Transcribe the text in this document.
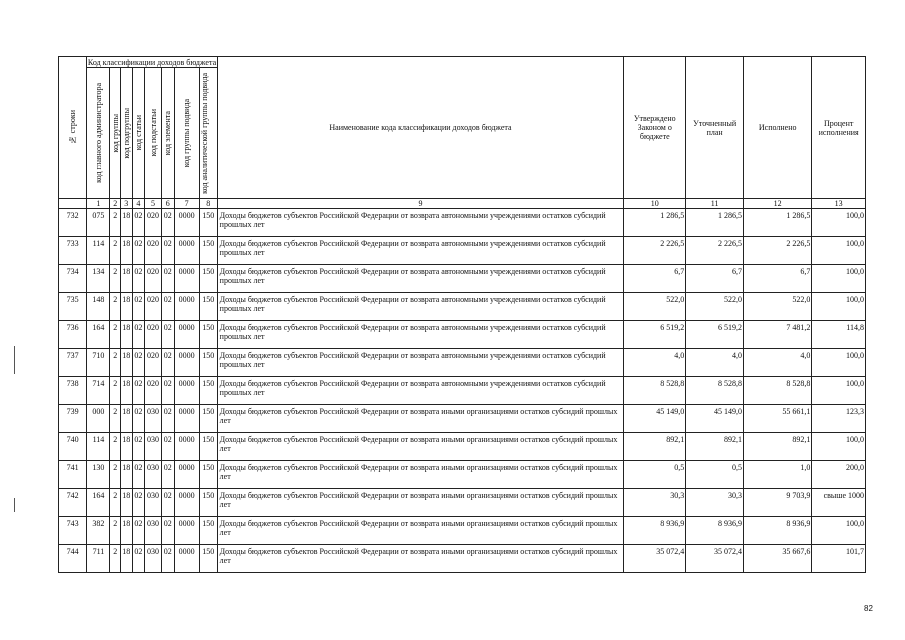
№ строки	Код классификации доходов бюджета								Наименование кода классификации доходов бюджета	Утверждено Законом о бюджете	Уточненный план	Исполнено	Процент исполнения

	код главного администратора	код группы	код подгруппы	код статьи	код подстатьи	код элемента	код группы подвида	код аналитической группы подвида					

	1	2	3	4	5	6	7	8	9	10	11	12	13
732	075	2	18	02	020	02	0000	150	Доходы бюджетов субъектов Российской Федерации от возврата автономными учреждениями остатков субсидий прошлых лет	1 286,5	1 286,5	1 286,5	100,0
733	114	2	18	02	020	02	0000	150	Доходы бюджетов субъектов Российской Федерации от возврата автономными учреждениями остатков субсидий прошлых лет	2 226,5	2 226,5	2 226,5	100,0
734	134	2	18	02	020	02	0000	150	Доходы бюджетов субъектов Российской Федерации от возврата автономными учреждениями остатков субсидий прошлых лет	6,7	6,7	6,7	100,0
735	148	2	18	02	020	02	0000	150	Доходы бюджетов субъектов Российской Федерации от возврата автономными учреждениями остатков субсидий прошлых лет	522,0	522,0	522,0	100,0
736	164	2	18	02	020	02	0000	150	Доходы бюджетов субъектов Российской Федерации от возврата автономными учреждениями остатков субсидий прошлых лет	6 519,2	6 519,2	7 481,2	114,8
737	710	2	18	02	020	02	0000	150	Доходы бюджетов субъектов Российской Федерации от возврата автономными учреждениями остатков субсидий прошлых лет	4,0	4,0	4,0	100,0
738	714	2	18	02	020	02	0000	150	Доходы бюджетов субъектов Российской Федерации от возврата автономными учреждениями остатков субсидий прошлых лет	8 528,8	8 528,8	8 528,8	100,0
739	000	2	18	02	030	02	0000	150	Доходы бюджетов субъектов Российской Федерации от возврата иными организациями остатков субсидий прошлых лет	45 149,0	45 149,0	55 661,1	123,3
740	114	2	18	02	030	02	0000	150	Доходы бюджетов субъектов Российской Федерации от возврата иными организациями остатков субсидий прошлых лет	892,1	892,1	892,1	100,0
741	130	2	18	02	030	02	0000	150	Доходы бюджетов субъектов Российской Федерации от возврата иными организациями остатков субсидий прошлых лет	0,5	0,5	1,0	200,0
742	164	2	18	02	030	02	0000	150	Доходы бюджетов субъектов Российской Федерации от возврата иными организациями остатков субсидий прошлых лет	30,3	30,3	9 703,9	свыше 1000
743	382	2	18	02	030	02	0000	150	Доходы бюджетов субъектов Российской Федерации от возврата иными организациями остатков субсидий прошлых лет	8 936,9	8 936,9	8 936,9	100,0
744	711	2	18	02	030	02	0000	150	Доходы бюджетов субъектов Российской Федерации от возврата иными организациями остатков субсидий прошлых лет	35 072,4	35 072,4	35 667,6	101,7
82
